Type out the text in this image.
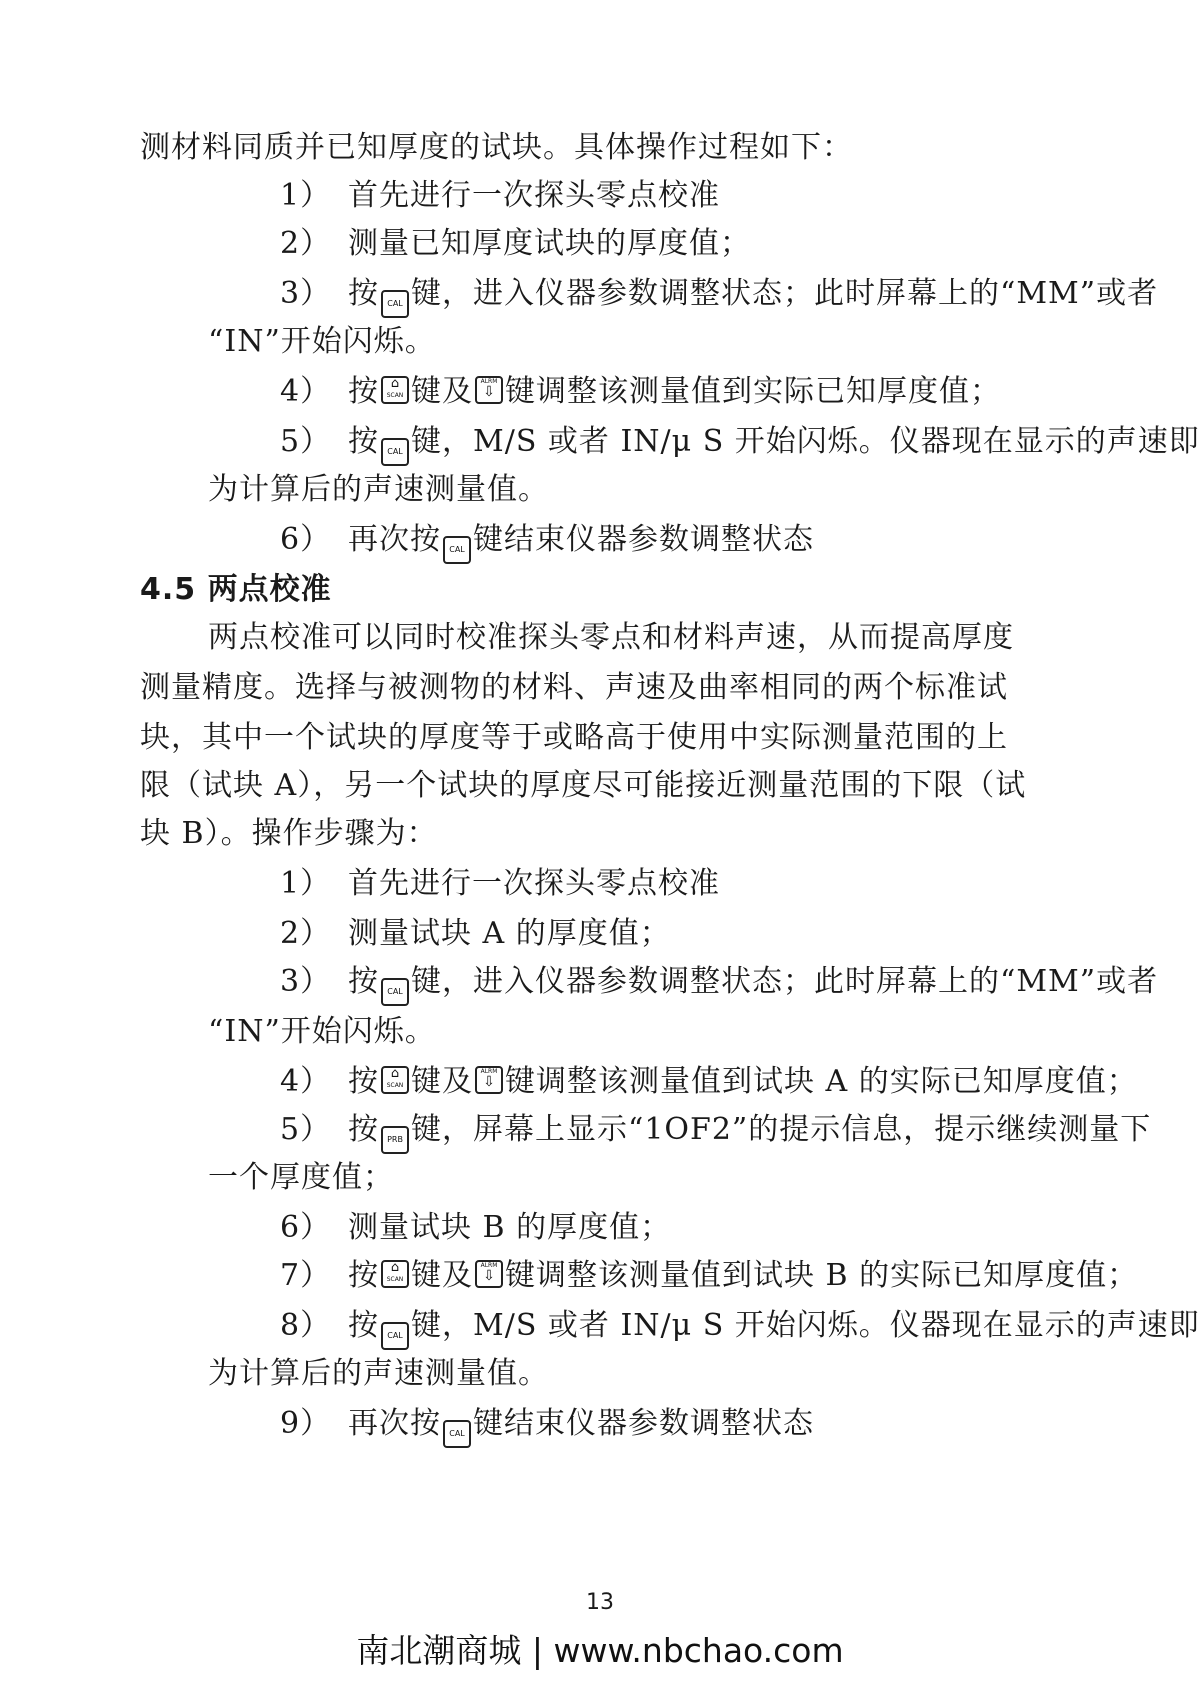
测材料同质并已知厚度的试块。具体操作过程如下：
1） 首先进行一次探头零点校准
2） 测量已知厚度试块的厚度值；
3） 按 CAL 键，进入仪器参数调整状态；此时屏幕上的“MM”或者
“IN”开始闪烁。
4） 按 ⌂ SCAN 键及 ALRM ⇩ 键调整该测量值到实际已知厚度值；
5） 按 CAL 键，M/S 或者 IN/μ S 开始闪烁。仪器现在显示的声速即
为计算后的声速测量值。
6） 再次按 CAL 键结束仪器参数调整状态
4.5 两点校准
两点校准可以同时校准探头零点和材料声速，从而提高厚度
测量精度。选择与被测物的材料、声速及曲率相同的两个标准试
块，其中一个试块的厚度等于或略高于使用中实际测量范围的上
限（试块 A），另一个试块的厚度尽可能接近测量范围的下限（试
块 B）。操作步骤为：
1） 首先进行一次探头零点校准
2） 测量试块 A 的厚度值；
3） 按 CAL 键，进入仪器参数调整状态；此时屏幕上的“MM”或者
“IN”开始闪烁。
4） 按 ⌂ SCAN 键及 ALRM ⇩ 键调整该测量值到试块 A 的实际已知厚度值；
5） 按 PRB 键，屏幕上显示“1OF2”的提示信息，提示继续测量下
一个厚度值；
6） 测量试块 B 的厚度值；
7） 按 ⌂ SCAN 键及 ALRM ⇩ 键调整该测量值到试块 B 的实际已知厚度值；
8） 按 CAL 键，M/S 或者 IN/μ S 开始闪烁。仪器现在显示的声速即
为计算后的声速测量值。
9） 再次按 CAL 键结束仪器参数调整状态
13
南北潮商城 | www.nbchao.com
